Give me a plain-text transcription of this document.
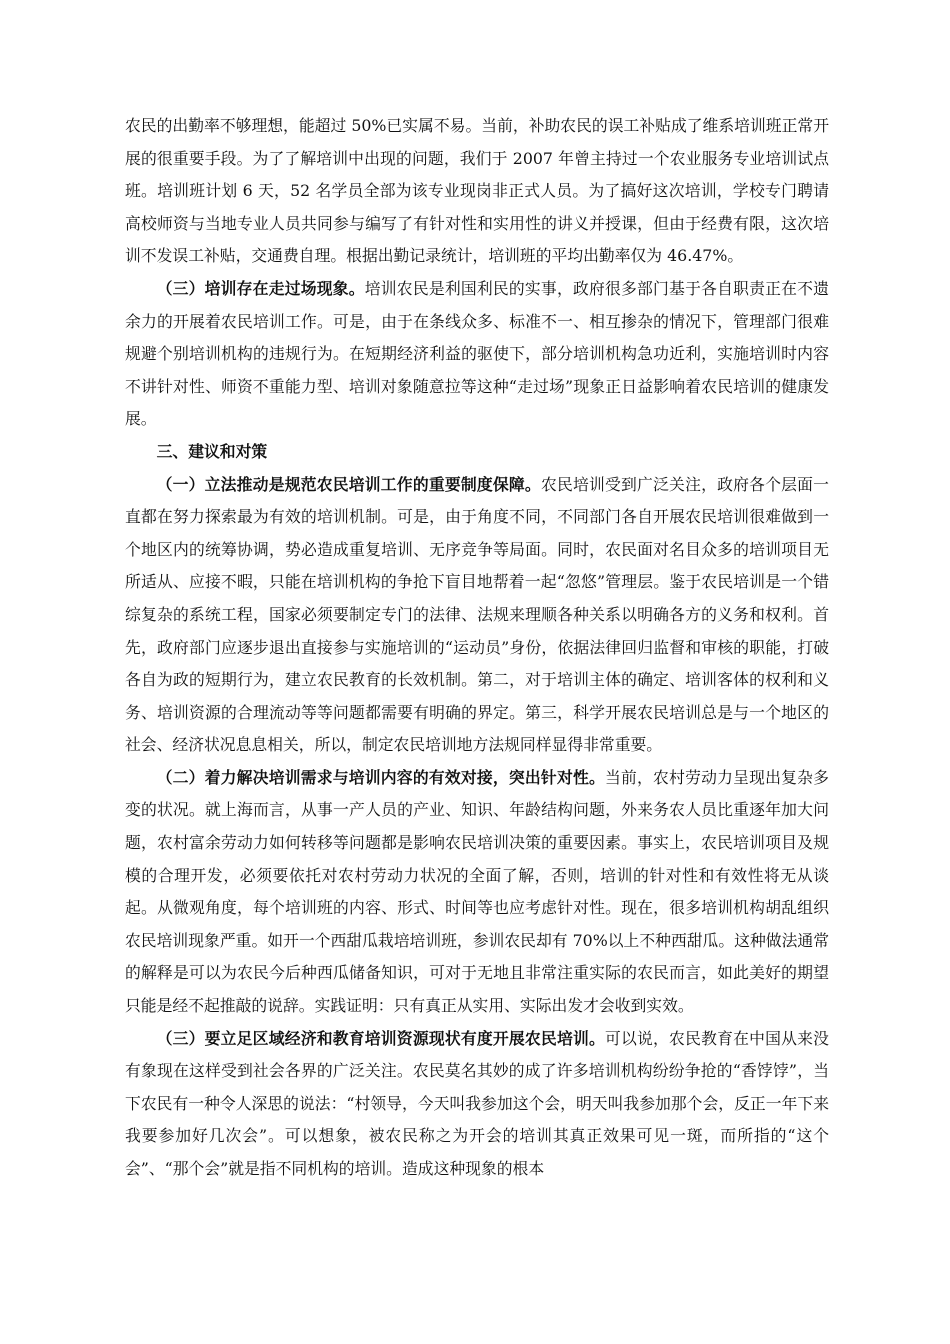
农民的出勤率不够理想，能超过 50%已实属不易。当前，补助农民的误工补贴成了维系培训班正常开展的很重要手段。为了了解培训中出现的问题，我们于 2007 年曾主持过一个农业服务专业培训试点班。培训班计划 6 天，52 名学员全部为该专业现岗非正式人员。为了搞好这次培训，学校专门聘请高校师资与当地专业人员共同参与编写了有针对性和实用性的讲义并授课，但由于经费有限，这次培训不发误工补贴，交通费自理。根据出勤记录统计，培训班的平均出勤率仅为 46.47%。

（三）培训存在走过场现象。培训农民是利国利民的实事，政府很多部门基于各自职责正在不遗余力的开展着农民培训工作。可是，由于在条线众多、标准不一、相互掺杂的情况下，管理部门很难规避个别培训机构的违规行为。在短期经济利益的驱使下，部分培训机构急功近利，实施培训时内容不讲针对性、师资不重能力型、培训对象随意拉等这种“走过场”现象正日益影响着农民培训的健康发展。

三、建议和对策

（一）立法推动是规范农民培训工作的重要制度保障。农民培训受到广泛关注，政府各个层面一直都在努力探索最为有效的培训机制。可是，由于角度不同，不同部门各自开展农民培训很难做到一个地区内的统筹协调，势必造成重复培训、无序竞争等局面。同时，农民面对名目众多的培训项目无所适从、应接不暇，只能在培训机构的争抢下盲目地帮着一起“忽悠”管理层。鉴于农民培训是一个错综复杂的系统工程，国家必须要制定专门的法律、法规来理顺各种关系以明确各方的义务和权利。首先，政府部门应逐步退出直接参与实施培训的“运动员”身份，依据法律回归监督和审核的职能，打破各自为政的短期行为，建立农民教育的长效机制。第二，对于培训主体的确定、培训客体的权利和义务、培训资源的合理流动等等问题都需要有明确的界定。第三，科学开展农民培训总是与一个地区的社会、经济状况息息相关，所以，制定农民培训地方法规同样显得非常重要。

（二）着力解决培训需求与培训内容的有效对接，突出针对性。当前，农村劳动力呈现出复杂多变的状况。就上海而言，从事一产人员的产业、知识、年龄结构问题，外来务农人员比重逐年加大问题，农村富余劳动力如何转移等问题都是影响农民培训决策的重要因素。事实上，农民培训项目及规模的合理开发，必须要依托对农村劳动力状况的全面了解，否则，培训的针对性和有效性将无从谈起。从微观角度，每个培训班的内容、形式、时间等也应考虑针对性。现在，很多培训机构胡乱组织农民培训现象严重。如开一个西甜瓜栽培培训班，参训农民却有 70%以上不种西甜瓜。这种做法通常的解释是可以为农民今后种西瓜储备知识，可对于无地且非常注重实际的农民而言，如此美好的期望只能是经不起推敲的说辞。实践证明：只有真正从实用、实际出发才会收到实效。

（三）要立足区域经济和教育培训资源现状有度开展农民培训。可以说，农民教育在中国从来没有象现在这样受到社会各界的广泛关注。农民莫名其妙的成了许多培训机构纷纷争抢的“香饽饽”，当下农民有一种令人深思的说法：“村领导，今天叫我参加这个会，明天叫我参加那个会，反正一年下来我要参加好几次会”。可以想象，被农民称之为开会的培训其真正效果可见一斑，而所指的“这个会”、“那个会”就是指不同机构的培训。造成这种现象的根本
